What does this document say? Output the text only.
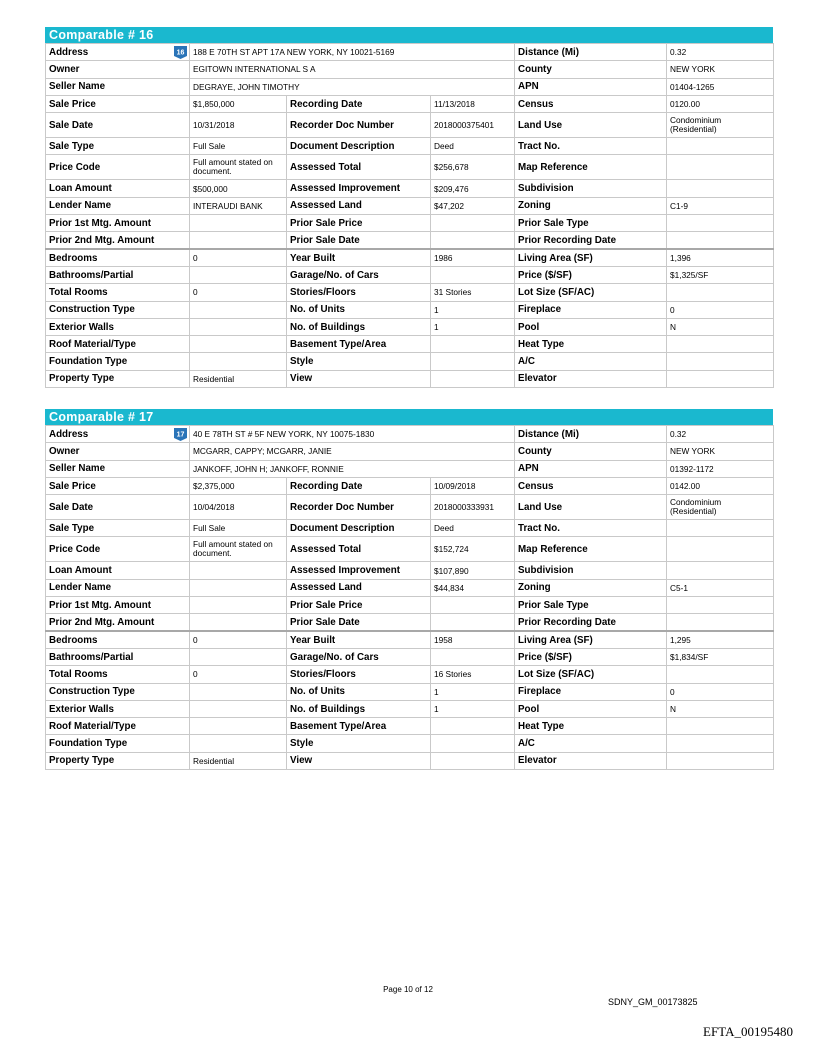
Comparable # 16
Address 16	188 E 70TH ST APT 17A NEW YORK, NY 10021-5169			Distance (Mi)	0.32
Owner	EGITOWN INTERNATIONAL S A			County	NEW YORK
Seller Name	DEGRAYE, JOHN TIMOTHY			APN	01404-1265
Sale Price	$1,850,000	Recording Date	11/13/2018	Census	0120.00
Sale Date	10/31/2018	Recorder Doc Number	2018000375401	Land Use	Condominium (Residential)
Sale Type	Full Sale	Document Description	Deed	Tract No.	
Price Code	Full amount stated on document.	Assessed Total	$256,678	Map Reference	
Loan Amount	$500,000	Assessed Improvement	$209,476	Subdivision	
Lender Name	INTERAUDI BANK	Assessed Land	$47,202	Zoning	C1-9
Prior 1st Mtg. Amount		Prior Sale Price		Prior Sale Type	
Prior 2nd Mtg. Amount		Prior Sale Date		Prior Recording Date	
Bedrooms	0	Year Built	1986	Living Area (SF)	1,396
Bathrooms/Partial		Garage/No. of Cars		Price ($/SF)	$1,325/SF
Total Rooms	0	Stories/Floors	31 Stories	Lot Size (SF/AC)	
Construction Type		No. of Units	1	Fireplace	0
Exterior Walls		No. of Buildings	1	Pool	N
Roof Material/Type		Basement Type/Area		Heat Type	
Foundation Type		Style		A/C	
Property Type	Residential	View		Elevator	
Comparable # 17
Address 17	40 E 78TH ST # 5F NEW YORK, NY 10075-1830			Distance (Mi)	0.32
Owner	MCGARR, CAPPY; MCGARR, JANIE			County	NEW YORK
Seller Name	JANKOFF, JOHN H; JANKOFF, RONNIE			APN	01392-1172
Sale Price	$2,375,000	Recording Date	10/09/2018	Census	0142.00
Sale Date	10/04/2018	Recorder Doc Number	2018000333931	Land Use	Condominium (Residential)
Sale Type	Full Sale	Document Description	Deed	Tract No.	
Price Code	Full amount stated on document.	Assessed Total	$152,724	Map Reference	
Loan Amount		Assessed Improvement	$107,890	Subdivision	
Lender Name		Assessed Land	$44,834	Zoning	C5-1
Prior 1st Mtg. Amount		Prior Sale Price		Prior Sale Type	
Prior 2nd Mtg. Amount		Prior Sale Date		Prior Recording Date	
Bedrooms	0	Year Built	1958	Living Area (SF)	1,295
Bathrooms/Partial		Garage/No. of Cars		Price ($/SF)	$1,834/SF
Total Rooms	0	Stories/Floors	16 Stories	Lot Size (SF/AC)	
Construction Type		No. of Units	1	Fireplace	0
Exterior Walls		No. of Buildings	1	Pool	N
Roof Material/Type		Basement Type/Area		Heat Type	
Foundation Type		Style		A/C	
Property Type	Residential	View		Elevator	
Page 10 of 12
SDNY_GM_00173825
EFTA_00195480
